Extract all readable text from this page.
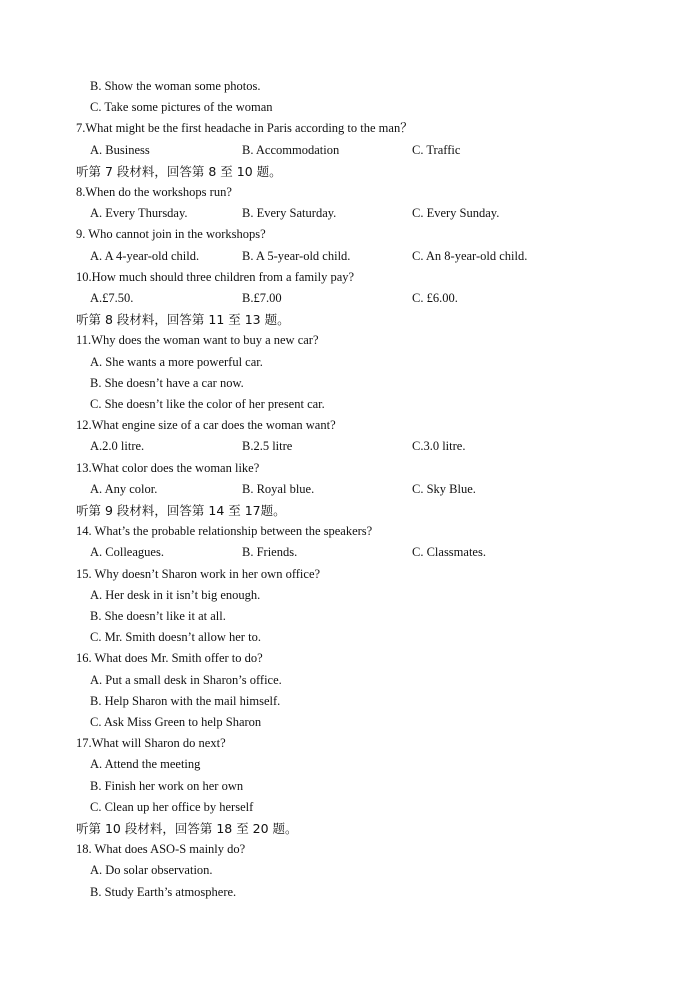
B. Show the woman some photos.
C. Take some pictures of the woman
7.What might be the first headache in Paris according to the man？
A. Business	B. Accommodation	C. Traffic
听第 7 段材料，回答第 8 至 10 题。
8.When do the workshops run?
A. Every Thursday.	B. Every Saturday.	C. Every Sunday.
9. Who cannot join in the workshops?
A. A 4-year-old child.	B. A 5-year-old child.	C. An 8-year-old child.
10.How much should three children from a family pay?
A.£7.50.	B.£7.00	C. £6.00.
听第 8 段材料，回答第 11 至 13 题。
11.Why does the woman want to buy a new car?
A. She wants a more powerful car.
B. She doesn’t have a car now.
C. She doesn’t like the color of her present car.
12.What engine size of a car does the woman want?
A.2.0 litre.	B.2.5 litre	C.3.0 litre.
13.What color does the woman like?
A. Any color.	B. Royal blue.	C. Sky Blue.
听第 9 段材料，回答第 14 至 17题。
14. What’s the probable relationship between the speakers?
A. Colleagues.	B. Friends.	C. Classmates.
15. Why doesn’t Sharon work in her own office?
A. Her desk in it isn’t big enough.
B. She doesn’t like it at all.
C. Mr. Smith doesn’t allow her to.
16. What does Mr. Smith offer to do?
A. Put a small desk in Sharon’s office.
B. Help Sharon with the mail himself.
C. Ask Miss Green to help Sharon
17.What will Sharon do next?
A. Attend the meeting
B. Finish her work on her own
C. Clean up her office by herself
听第 10 段材料，回答第 18 至 20 题。
18. What does ASO-S mainly do?
A. Do solar observation.
B. Study Earth’s atmosphere.
